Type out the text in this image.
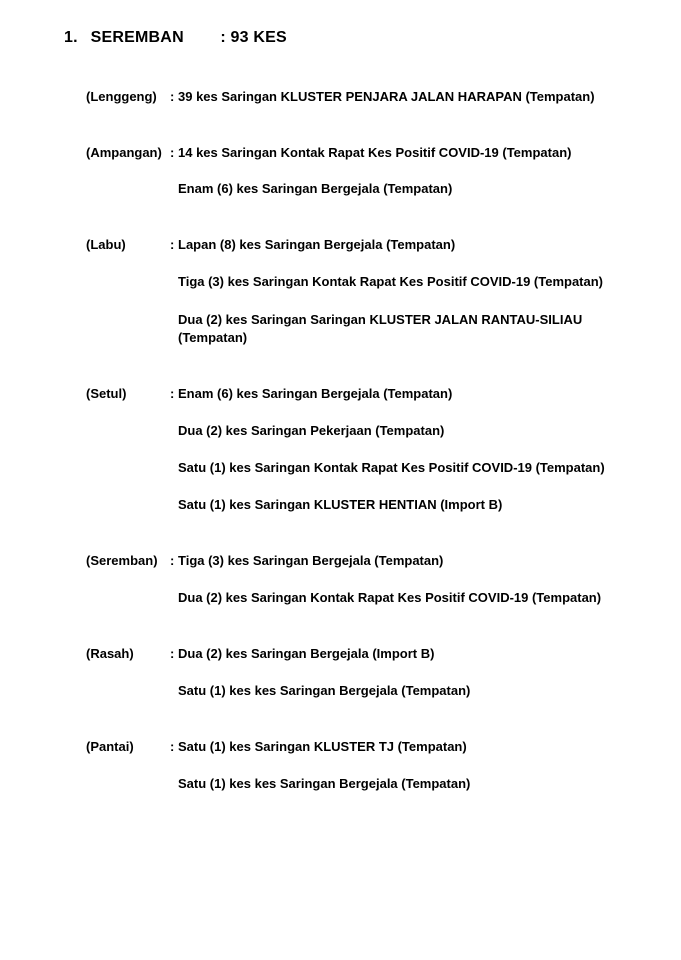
1. SEREMBAN : 93 KES
(Lenggeng) : 39 kes Saringan KLUSTER PENJARA JALAN HARAPAN (Tempatan)
(Ampangan) : 14 kes Saringan Kontak Rapat Kes Positif COVID-19 (Tempatan)
Enam (6) kes Saringan Bergejala (Tempatan)
(Labu)	: Lapan (8) kes Saringan Bergejala (Tempatan)
Tiga (3) kes Saringan Kontak Rapat Kes Positif COVID-19 (Tempatan)
Dua (2) kes Saringan Saringan KLUSTER JALAN RANTAU-SILIAU
(Tempatan)
(Setul)	: Enam (6) kes Saringan Bergejala (Tempatan)
Dua (2) kes Saringan Pekerjaan (Tempatan)
Satu (1) kes Saringan Kontak Rapat Kes Positif COVID-19 (Tempatan)
Satu (1) kes Saringan KLUSTER HENTIAN (Import B)
(Seremban) : Tiga (3) kes Saringan Bergejala (Tempatan)
Dua (2) kes Saringan Kontak Rapat Kes Positif COVID-19 (Tempatan)
(Rasah)	: Dua (2) kes Saringan Bergejala (Import B)
Satu (1) kes kes Saringan Bergejala (Tempatan)
(Pantai)	: Satu (1) kes Saringan KLUSTER TJ (Tempatan)
Satu (1) kes kes Saringan Bergejala (Tempatan)
